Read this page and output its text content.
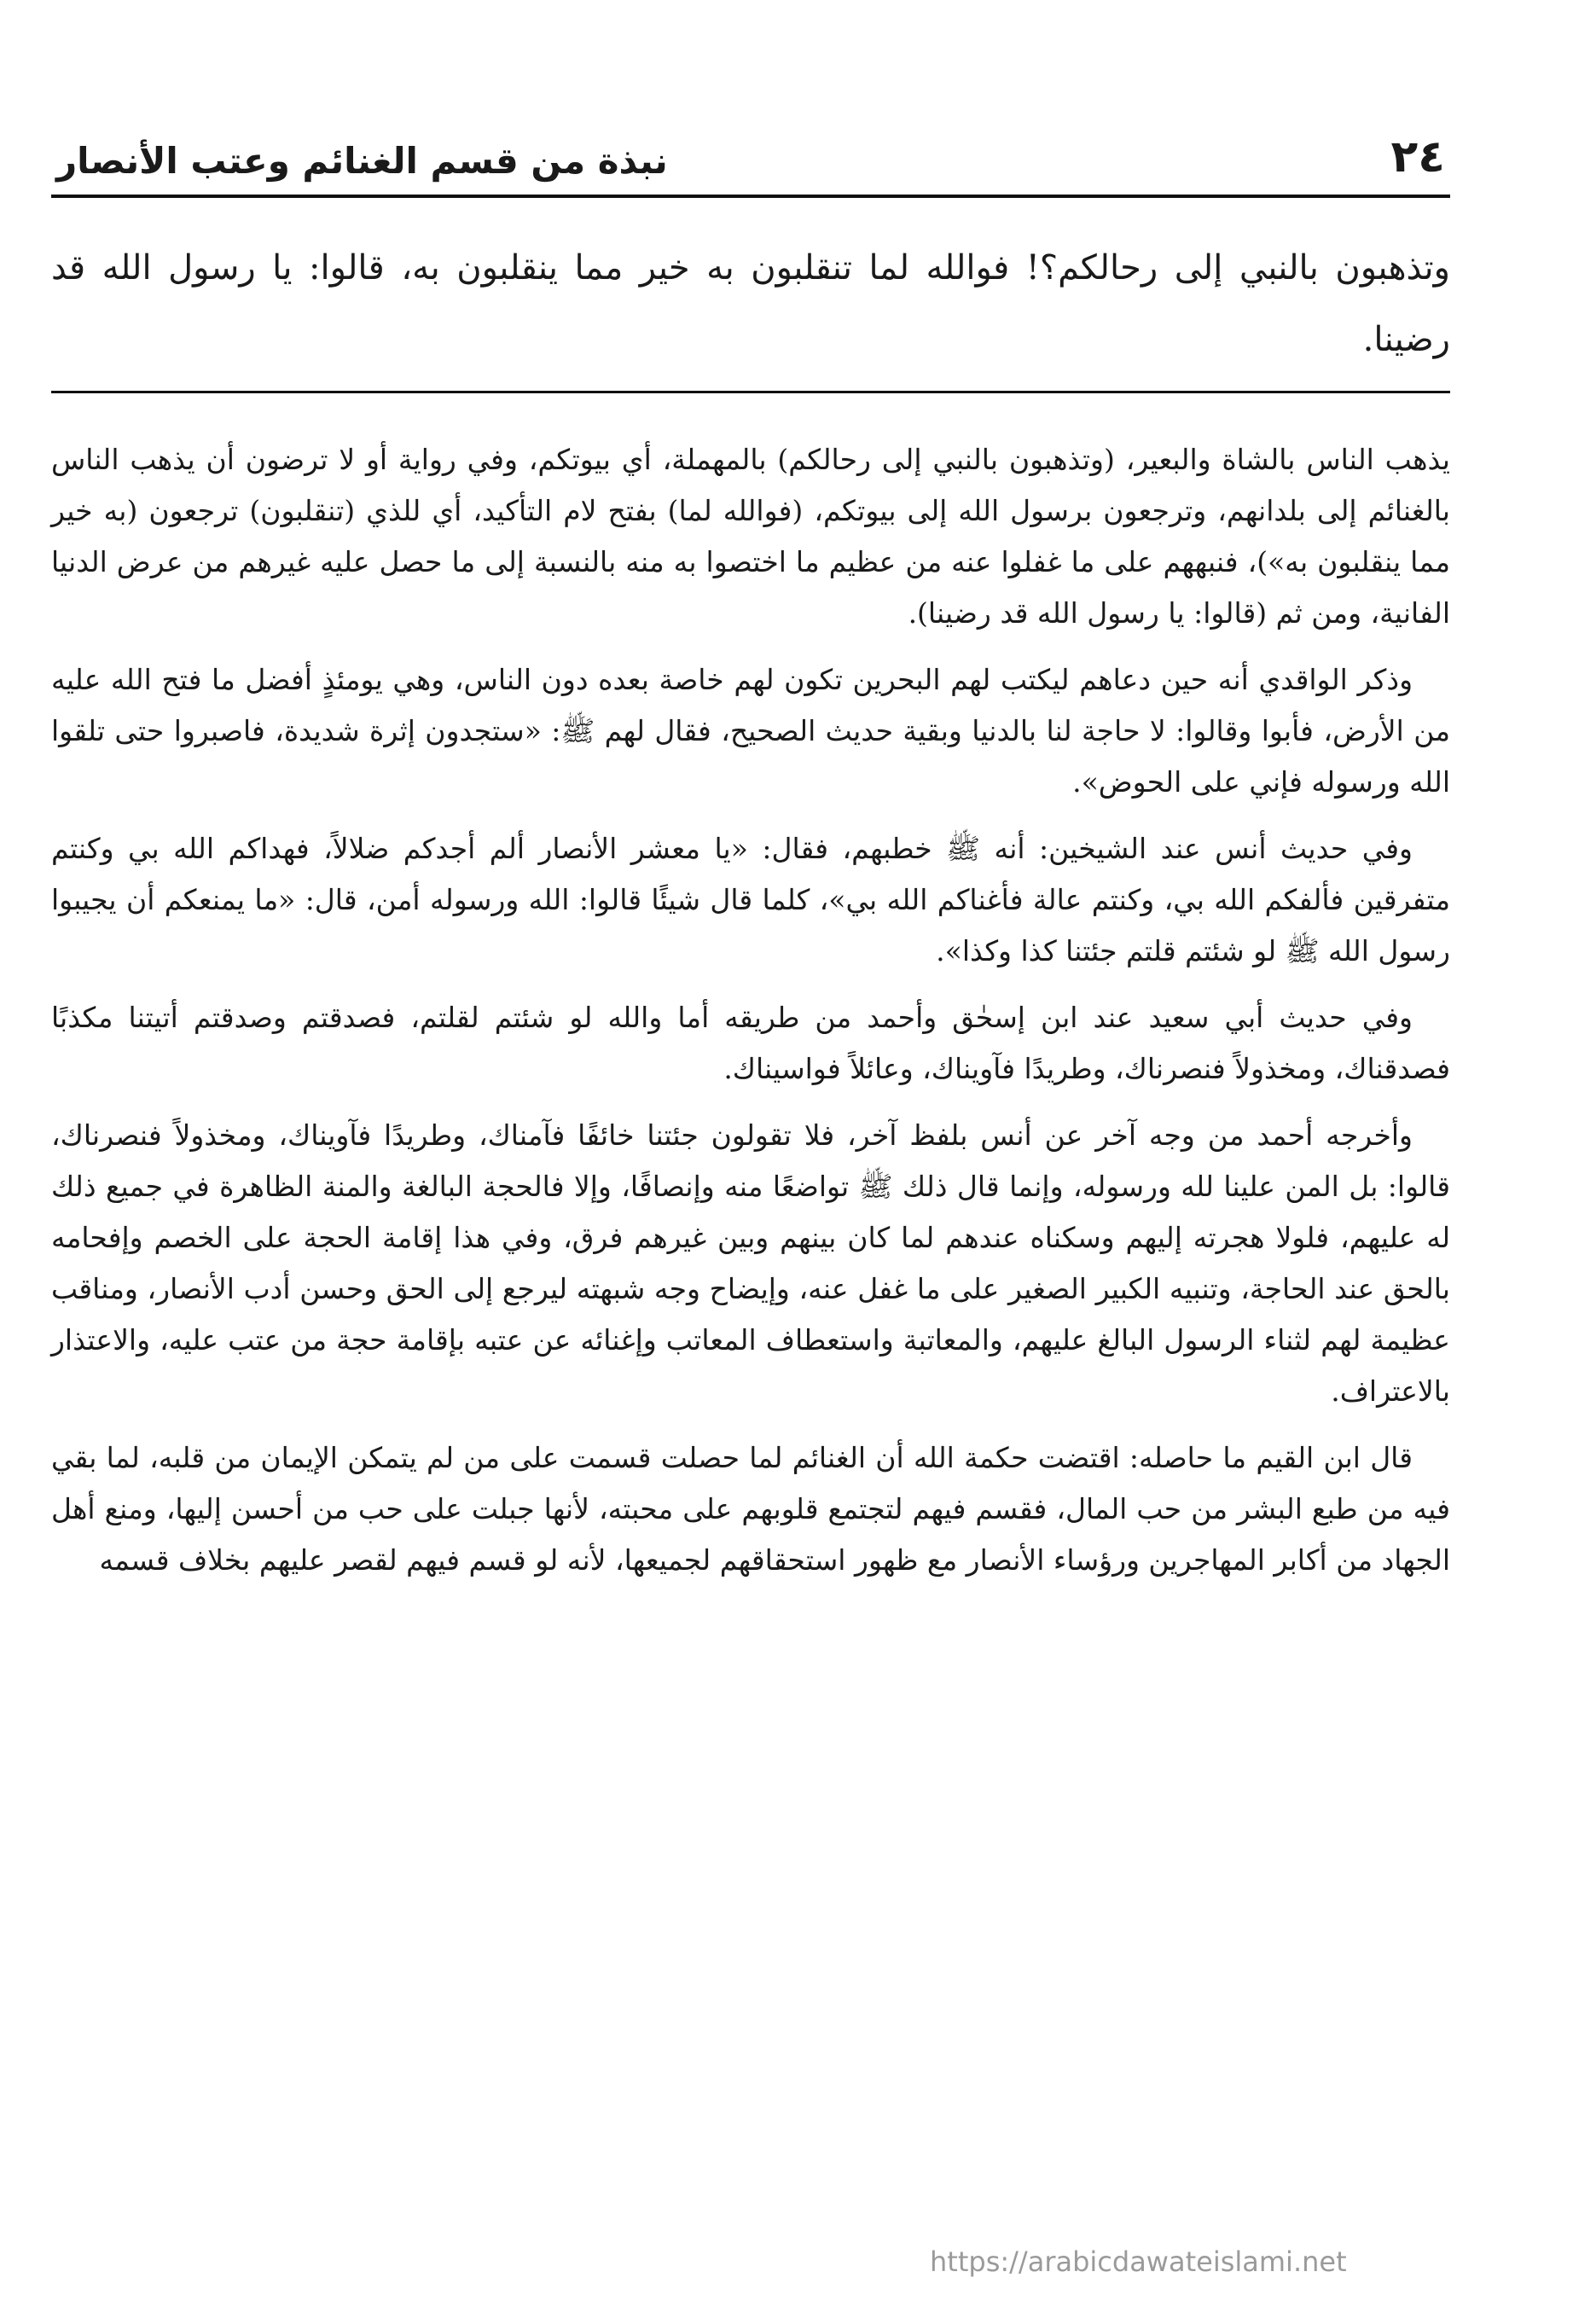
٢٤
نبذة من قسم الغنائم وعتب الأنصار
وتذهبون بالنبي إلى رحالكم؟! فوالله لما تنقلبون به خير مما ينقلبون به، قالوا: يا رسول الله قد رضينا.

يذهب الناس بالشاة والبعير، (وتذهبون بالنبي إلى رحالكم) بالمهملة، أي بيوتكم، وفي رواية أو لا ترضون أن يذهب الناس بالغنائم إلى بلدانهم، وترجعون برسول الله إلى بيوتكم، (فوالله لما) بفتح لام التأكيد، أي للذي (تنقلبون) ترجعون (به خير مما ينقلبون به»)، فنبههم على ما غفلوا عنه من عظيم ما اختصوا به منه بالنسبة إلى ما حصل عليه غيرهم من عرض الدنيا الفانية، ومن ثم (قالوا: يا رسول الله قد رضينا).

وذكر الواقدي أنه حين دعاهم ليكتب لهم البحرين تكون لهم خاصة بعده دون الناس، وهي يومئذٍ أفضل ما فتح الله عليه من الأرض، فأبوا وقالوا: لا حاجة لنا بالدنيا وبقية حديث الصحيح، فقال لهم ﷺ: «ستجدون إثرة شديدة، فاصبروا حتى تلقوا الله ورسوله فإني على الحوض».

وفي حديث أنس عند الشيخين: أنه ﷺ خطبهم، فقال: «يا معشر الأنصار ألم أجدكم ضلالاً، فهداكم الله بي وكنتم متفرقين فألفكم الله بي، وكنتم عالة فأغناكم الله بي»، كلما قال شيئًا قالوا: الله ورسوله أمن، قال: «ما يمنعكم أن يجيبوا رسول الله ﷺ لو شئتم قلتم جئتنا كذا وكذا».

وفي حديث أبي سعيد عند ابن إسحٰق وأحمد من طريقه أما والله لو شئتم لقلتم، فصدقتم وصدقتم أتيتنا مكذبًا فصدقناك، ومخذولاً فنصرناك، وطريدًا فآويناك، وعائلاً فواسيناك.

وأخرجه أحمد من وجه آخر عن أنس بلفظ آخر، فلا تقولون جئتنا خائفًا فآمناك، وطريدًا فآويناك، ومخذولاً فنصرناك، قالوا: بل المن علينا لله ورسوله، وإنما قال ذلك ﷺ تواضعًا منه وإنصافًا، وإلا فالحجة البالغة والمنة الظاهرة في جميع ذلك له عليهم، فلولا هجرته إليهم وسكناه عندهم لما كان بينهم وبين غيرهم فرق، وفي هذا إقامة الحجة على الخصم وإفحامه بالحق عند الحاجة، وتنبيه الكبير الصغير على ما غفل عنه، وإيضاح وجه شبهته ليرجع إلى الحق وحسن أدب الأنصار، ومناقب عظيمة لهم لثناء الرسول البالغ عليهم، والمعاتبة واستعطاف المعاتب وإغنائه عن عتبه بإقامة حجة من عتب عليه، والاعتذار بالاعتراف.

قال ابن القيم ما حاصله: اقتضت حكمة الله أن الغنائم لما حصلت قسمت على من لم يتمكن الإيمان من قلبه، لما بقي فيه من طبع البشر من حب المال، فقسم فيهم لتجتمع قلوبهم على محبته، لأنها جبلت على حب من أحسن إليها، ومنع أهل الجهاد من أكابر المهاجرين ورؤساء الأنصار مع ظهور استحقاقهم لجميعها، لأنه لو قسم فيهم لقصر عليهم بخلاف قسمه

https://arabicdawateislami.net
